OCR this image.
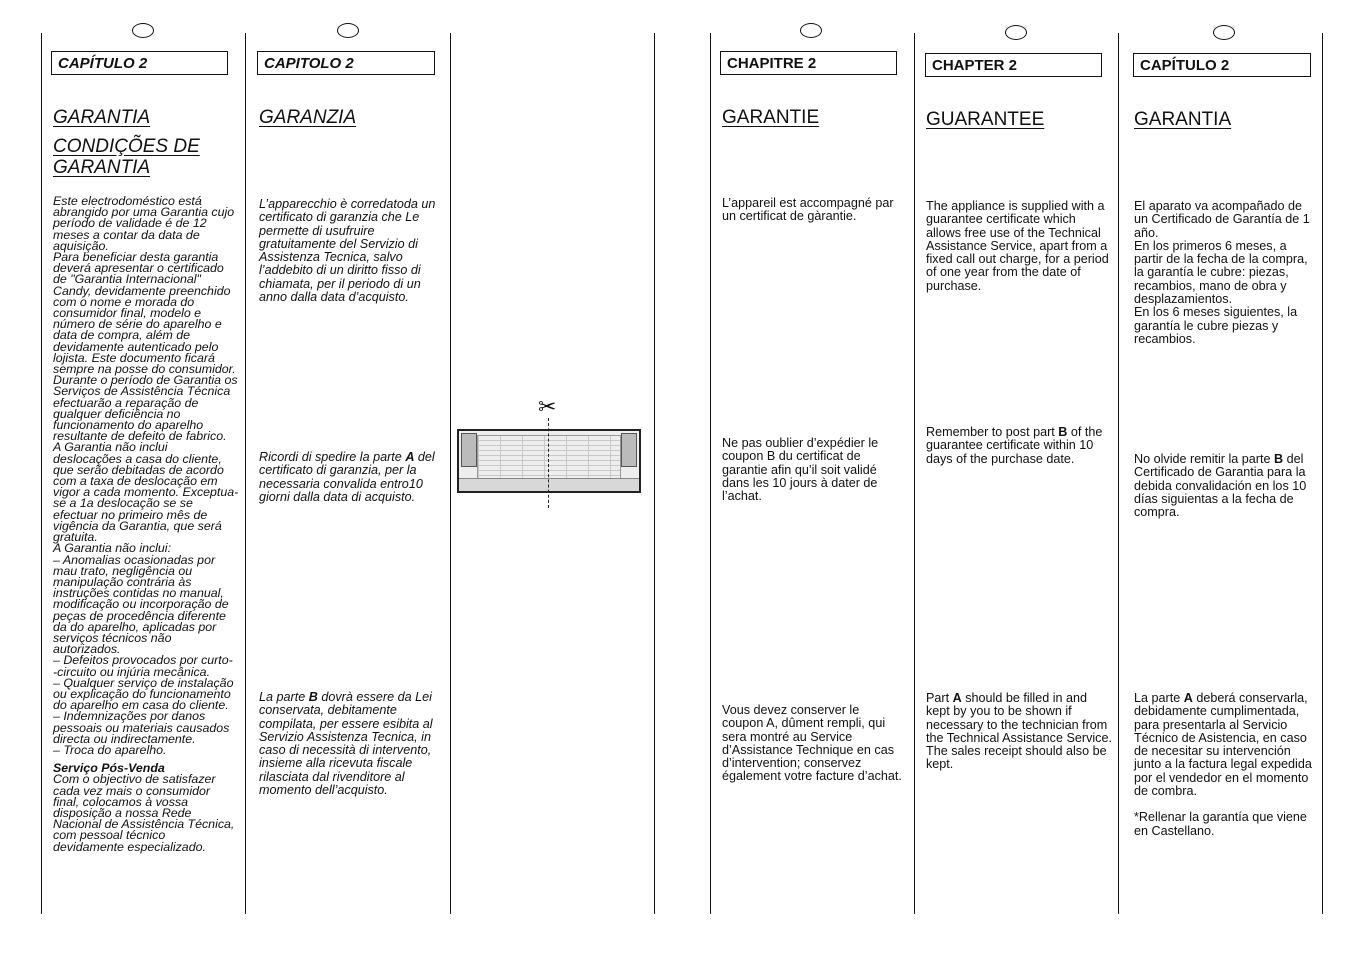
CAPÍTULO 2
GARANTIA
CONDIÇÕES DE
GARANTIA

Este electrodoméstico está abrangido por uma Garantia cujo período de validade é de 12 meses a contar da data de aquisição.

Para beneficiar desta garantia deverá apresentar o certificado de "Garantia Internacional" Candy, devidamente preenchido com o nome e morada do consumidor final, modelo e número de série do aparelho e data de compra, além de devidamente autenticado pelo lojista. Este documento ficará sempre na posse do consumidor.

Durante o período de Garantia os Serviços de Assistência Técnica efectuarão a reparação de qualquer deficiência no funcionamento do aparelho resultante de defeito de fabrico.

A Garantia não inclui deslocações a casa do cliente, que serão debitadas de acordo com a taxa de deslocação em vigor a cada momento. Exceptua-se a 1a deslocação se se efectuar no primeiro mês de vigência da Garantia, que será gratuita.

A Garantia não inclui:

– Anomalias ocasionadas por mau trato, negligência ou manipulação contrária às instruções contidas no manual, modificação ou incorporação de peças de procedência diferente da do aparelho, aplicadas por serviços técnicos não autorizados.

– Defeitos provocados por curto- -circuito ou injúria mecânica.

– Qualquer serviço de instalação ou explicação do funcionamento do aparelho em casa do cliente.

– Indemnizações por danos pessoais ou materiais causados directa ou indirectamente.

– Troca do aparelho.

Serviço Pós-Venda

Com o objectivo de satisfazer cada vez mais o consumidor final, colocamos à vossa disposição a nossa Rede Nacional de Assistência Técnica, com pessoal técnico devidamente especializado.

CAPITOLO 2
GARANZIA

L’apparecchio è corredatoda un certificato di garanzia che Le permette di usufruire gratuitamente del Servizio di Assistenza Tecnica, salvo l’addebito di un diritto fisso di chiamata, per il periodo di un anno dalla data d’acquisto.

Ricordi di spedire la parte A del certificato di garanzia, per la necessaria convalida entro10 giorni dalla data di acquisto.

La parte B dovrà essere da Lei conservata, debitamente compilata, per essere esibita al Servizio Assistenza Tecnica, in caso di necessità di intervento, insieme alla ricevuta fiscale rilasciata dal rivenditore al momento dell’acquisto.

✂
CHAPITRE 2
GARANTIE

L’appareil est accompagné par un certificat de gàrantie.

Ne pas oublier d’expédier le coupon B du certificat de garantie afin qu’il soit validé dans les 10 jours à dater de l’achat.

Vous devez conserver le coupon A, dûment rempli, qui sera montré au Service d’Assistance Technique en cas d’intervention; conservez également votre facture d’achat.

CHAPTER 2
GUARANTEE

The appliance is supplied with a guarantee certificate which allows free use of the Technical Assistance Service, apart from a fixed call out charge, for a period of one year from the date of purchase.

Remember to post part B of the guarantee certificate within 10 days of the purchase date.

Part A should be filled in and kept by you to be shown if necessary to the technician from the Technical Assistance Service. The sales receipt should also be kept.

CAPÍTULO 2
GARANTIA

El aparato va acompañado de un Certificado de Garantía de 1 año.

En los primeros 6 meses, a partir de la fecha de la compra, la garantía le cubre: piezas, recambios, mano de obra y desplazamientos.

En los 6 meses siguientes, la garantía le cubre piezas y recambios.

No olvide remitir la parte B del Certificado de Garantia para la debida convalidación en los 10 días siguientas a la fecha de compra.

La parte A deberá conservarla, debidamente cumplimentada, para presentarla al Servicio Técnico de Asistencia, en caso de necesitar su intervención junto a la factura legal expedida por el vendedor en el momento de combra.

*Rellenar la garantía que viene en Castellano.
